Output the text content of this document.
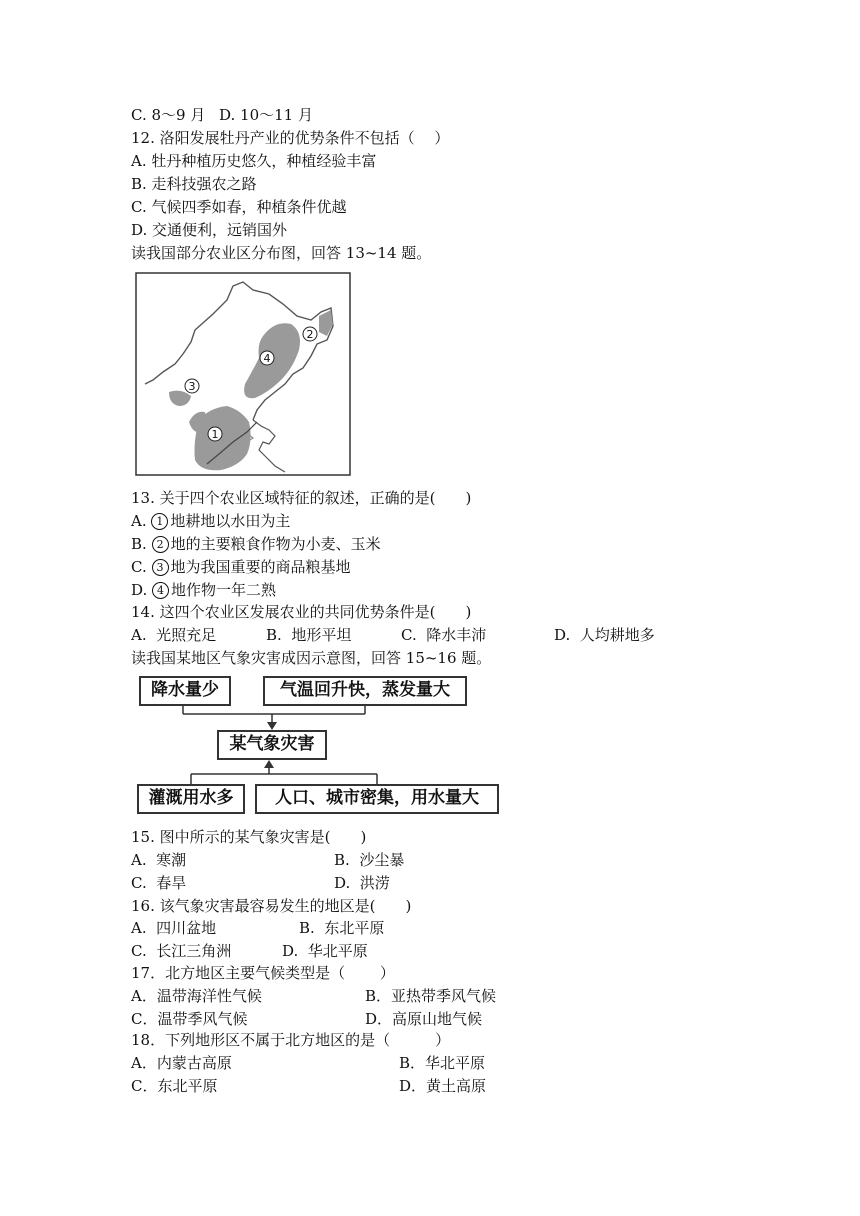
C. 8～9 月 D. 10～11 月
12. 洛阳发展牡丹产业的优势条件不包括（　 ）
A. 牡丹种植历史悠久，种植经验丰富
B. 走科技强农之路
C. 气候四季如春，种植条件优越
D. 交通便利，远销国外
读我国部分农业区分布图，回答 13~14 题。
1
2
3
4
13. 关于四个农业区域特征的叙述，正确的是(　　)
A. 1 地耕地以水田为主
B. 2 地的主要粮食作物为小麦、玉米
C. 3 地为我国重要的商品粮基地
D. 4 地作物一年二熟
14. 这四个农业区发展农业的共同优势条件是(　　)
A.  光照充足	B.  地形平坦	C.  降水丰沛	D.  人均耕地多
读我国某地区气象灾害成因示意图，回答 15~16 题。
降水量少	气温回升快，蒸发量大
某气象灾害
灌溉用水多	人口、城市密集，用水量大
15. 图中所示的某气象灾害是(　　)
A.  寒潮	B.  沙尘暴
C.  春旱	D.  洪涝
16. 该气象灾害最容易发生的地区是(　　)
A.  四川盆地	B.  东北平原
C.  长江三角洲	D.  华北平原
17．北方地区主要气候类型是（　　 ）
A．温带海洋性气候	B．亚热带季风气候
C．温带季风气候	D．高原山地气候
18．下列地形区不属于北方地区的是（　　　）
A．内蒙古高原	B．华北平原
C．东北平原	D．黄土高原
